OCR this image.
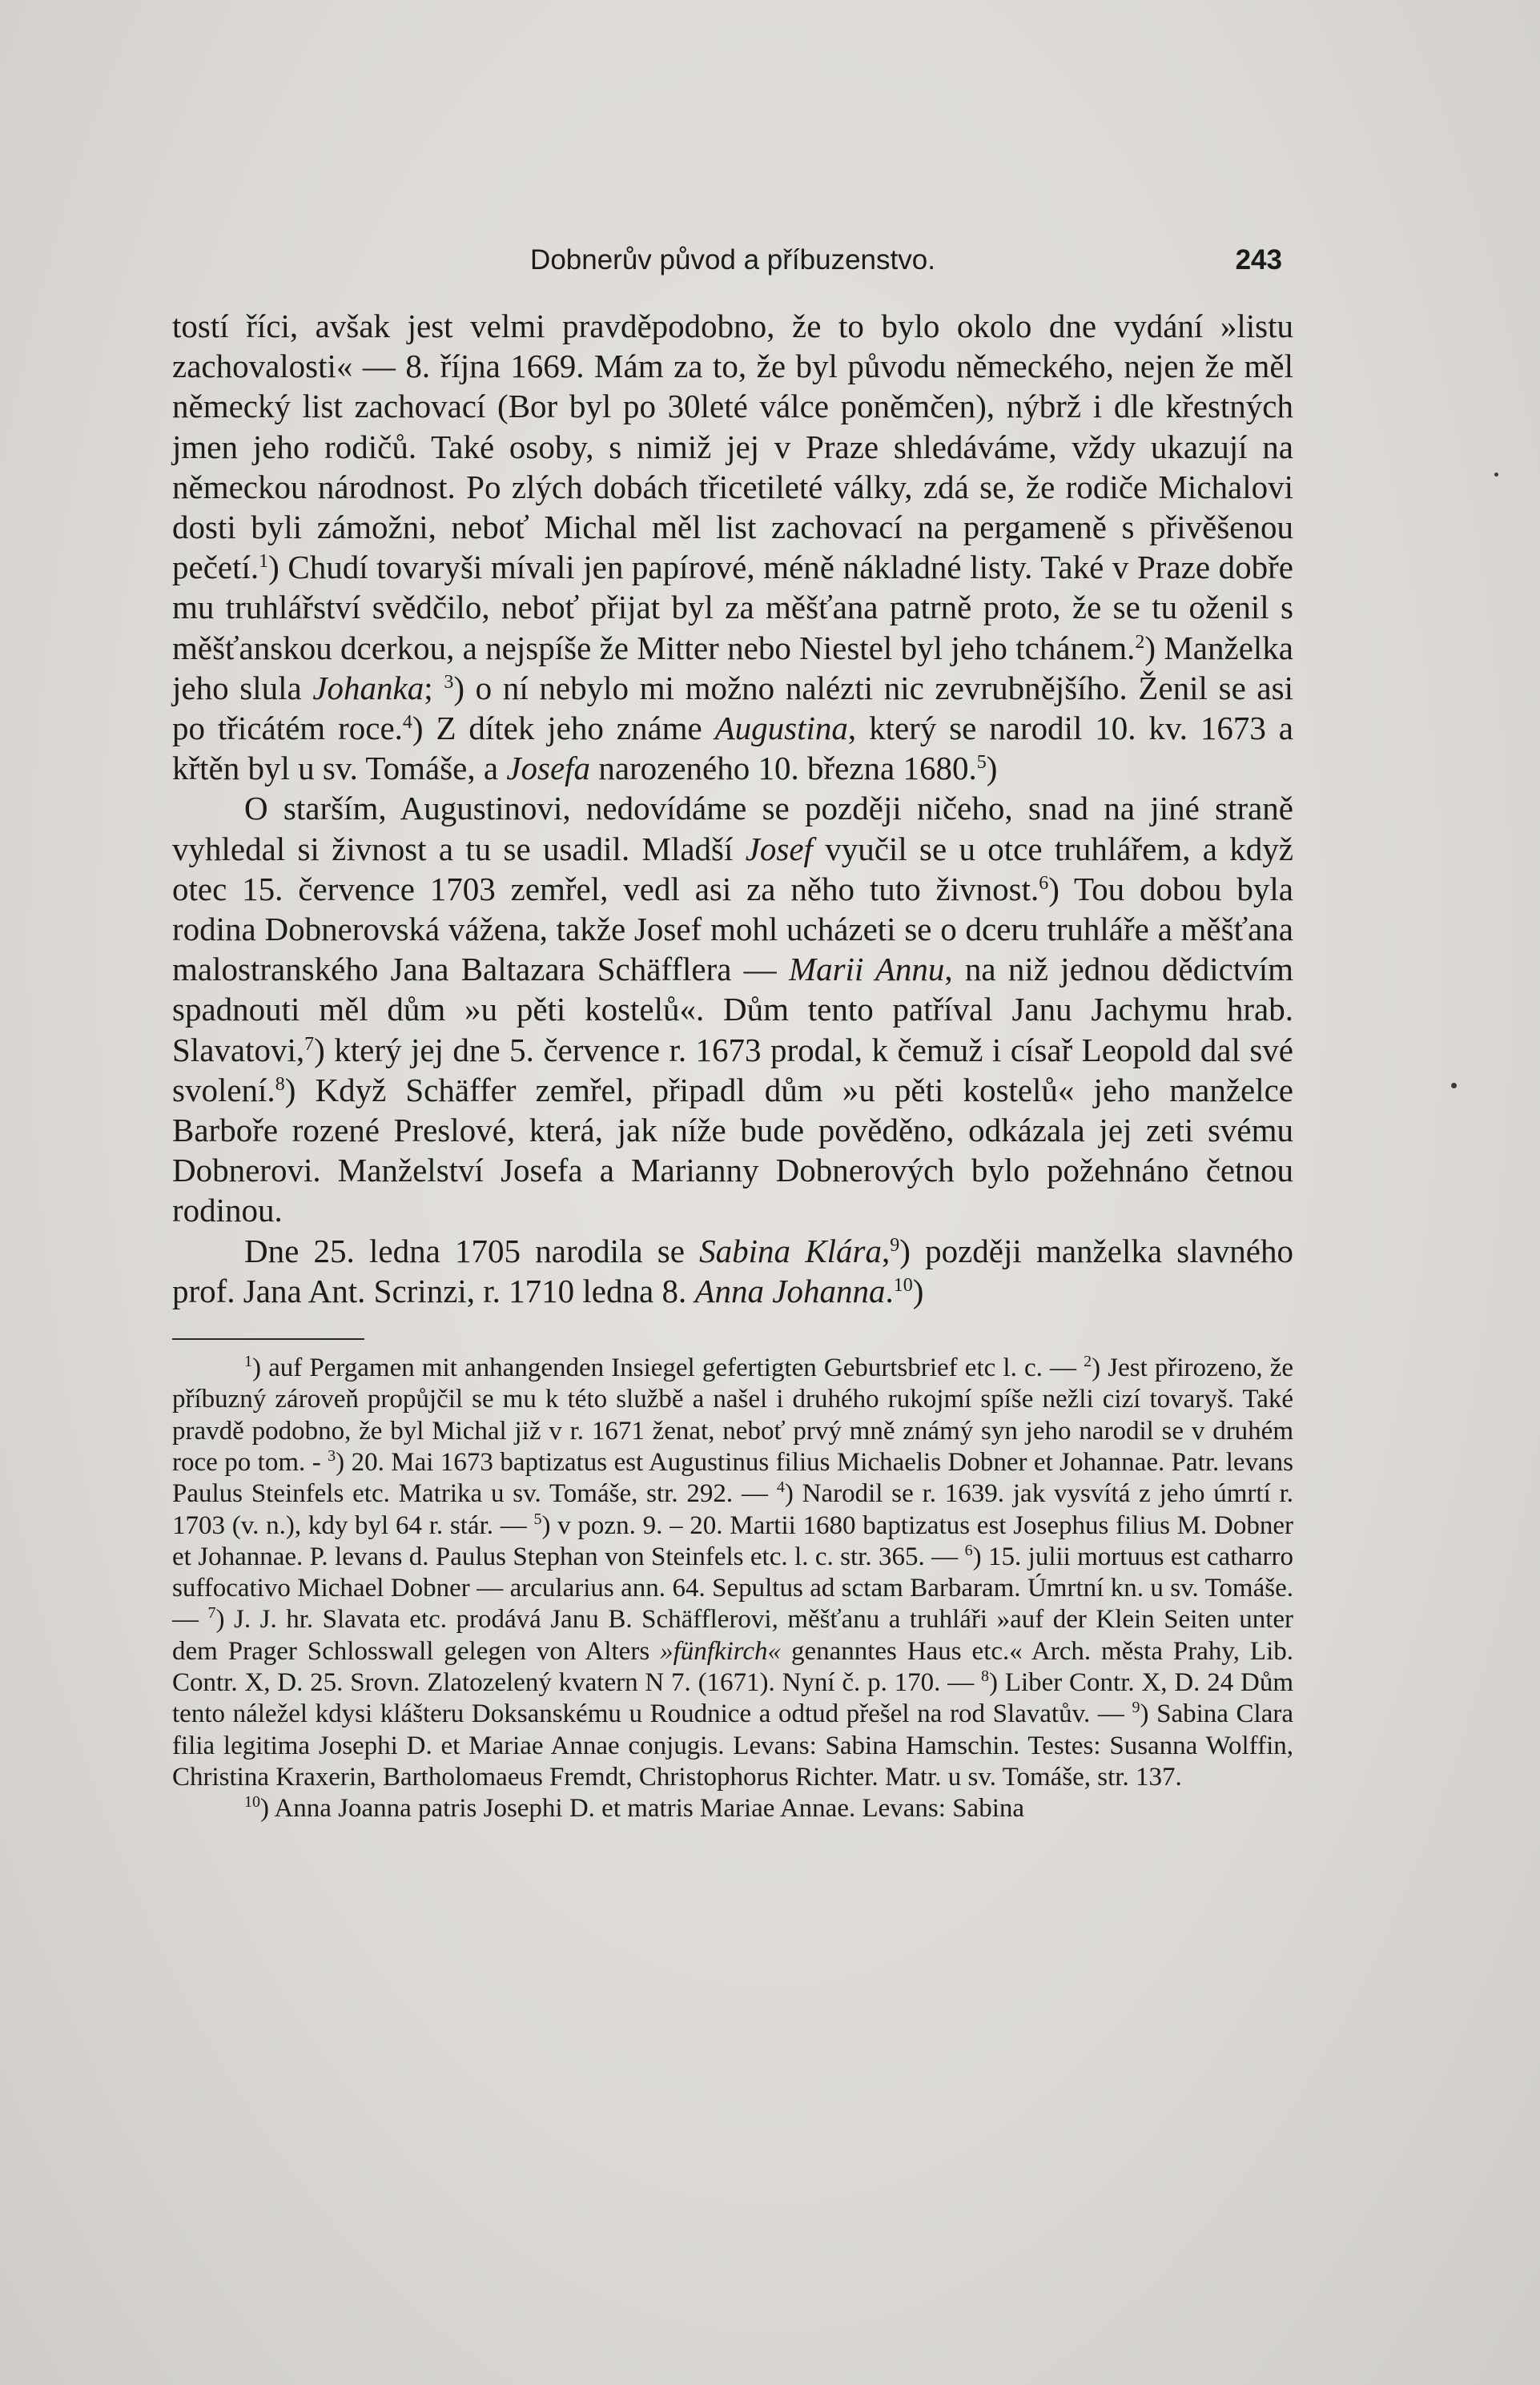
Dobnerův původ a příbuzenstvo.	243

tostí říci, avšak jest velmi pravděpodobno, že to bylo okolo dne vydání »listu zachovalosti« — 8. října 1669. Mám za to, že byl původu německého, nejen že měl německý list zachovací (Bor byl po 30leté válce poněmčen), nýbrž i dle křestných jmen jeho rodičů. Také osoby, s nimiž jej v Praze shledáváme, vždy ukazují na německou národnost. Po zlých dobách třicetileté války, zdá se, že rodiče Michalovi dosti byli zámožni, neboť Michal měl list zachovací na pergameně s přivěšenou pečetí.$^1$) Chudí tovaryši mívali jen papírové, méně nákladné listy. Také v Praze dobře mu truhlářství svědčilo, neboť přijat byl za měšťana patrně proto, že se tu oženil s měšťanskou dcerkou, a nejspíše že Mitter nebo Niestel byl jeho tchánem.$^2$) Manželka jeho slula Johanka; $^3$) o ní nebylo mi možno nalézti nic zevrubnějšího. Ženil se asi po třicátém roce.$^4$) Z dítek jeho známe Augustina, který se narodil 10. kv. 1673 a křtěn byl u sv. Tomáše, a Josefa narozeného 10. března 1680.$^5$)

O starším, Augustinovi, nedovídáme se později ničeho, snad na jiné straně vyhledal si živnost a tu se usadil. Mladší Josef vyučil se u otce truhlářem, a když otec 15. července 1703 zemřel, vedl asi za něho tuto živnost.$^6$) Tou dobou byla rodina Dobnerovská vážena, takže Josef mohl ucházeti se o dceru truhláře a měšťana malostranského Jana Baltazara Schäfflera — Marii Annu, na niž jednou dědictvím spadnouti měl dům »u pěti kostelů«. Dům tento patříval Janu Jachymu hrab. Slavatovi,$^7$) který jej dne 5. července r. 1673 prodal, k čemuž i císař Leopold dal své svolení.$^8$) Když Schäffer zemřel, připadl dům »u pěti kostelů« jeho manželce Barboře rozené Preslové, která, jak níže bude pověděno, odkázala jej zeti svému Dobnerovi. Manželství Josefa a Marianny Dobnerových bylo požehnáno četnou rodinou.

Dne 25. ledna 1705 narodila se Sabina Klára,$^9$) později manželka slavného prof. Jana Ant. Scrinzi, r. 1710 ledna 8. Anna Johanna.$^{10}$)

$^1$) auf Pergamen mit anhangenden Insiegel gefertigten Geburtsbrief etc l. c. — $^2$) Jest přirozeno, že příbuzný zároveň propůjčil se mu k této službě a našel i druhého rukojmí spíše nežli cizí tovaryš. Také pravdě podobno, že byl Michal již v r. 1671 ženat, neboť prvý mně známý syn jeho narodil se v druhém roce po tom. - $^3$) 20. Mai 1673 baptizatus est Augustinus filius Michaelis Dobner et Johannae. Patr. levans Paulus Steinfels etc. Matrika u sv. Tomáše, str. 292. — $^4$) Narodil se r. 1639. jak vysvítá z jeho úmrtí r. 1703 (v. n.), kdy byl 64 r. stár. — $^5$) v pozn. 9. – 20. Martii 1680 baptizatus est Josephus filius M. Dobner et Johannae. P. levans d. Paulus Stephan von Steinfels etc. l. c. str. 365. — $^6$) 15. julii mortuus est catharro suffocativo Michael Dobner — arcularius ann. 64. Sepultus ad sctam Barbaram. Úmrtní kn. u sv. Tomáše. — $^7$) J. J. hr. Slavata etc. prodává Janu B. Schäfflerovi, měšťanu a truhláři »auf der Klein Seiten unter dem Prager Schlosswall gelegen von Alters »fünfkirch« genanntes Haus etc.« Arch. města Prahy, Lib. Contr. X, D. 25. Srovn. Zlatozelený kvatern N 7. (1671). Nyní č. p. 170. — $^8$) Liber Contr. X, D. 24 Dům tento náležel kdysi klášteru Doksanskému u Roudnice a odtud přešel na rod Slavatův. — $^9$) Sabina Clara filia legitima Josephi D. et Mariae Annae conjugis. Levans: Sabina Hamschin. Testes: Susanna Wolffin, Christina Kraxerin, Bartholomaeus Fremdt, Christophorus Richter. Matr. u sv. Tomáše, str. 137.

$^{10}$) Anna Joanna patris Josephi D. et matris Mariae Annae. Levans: Sabina
